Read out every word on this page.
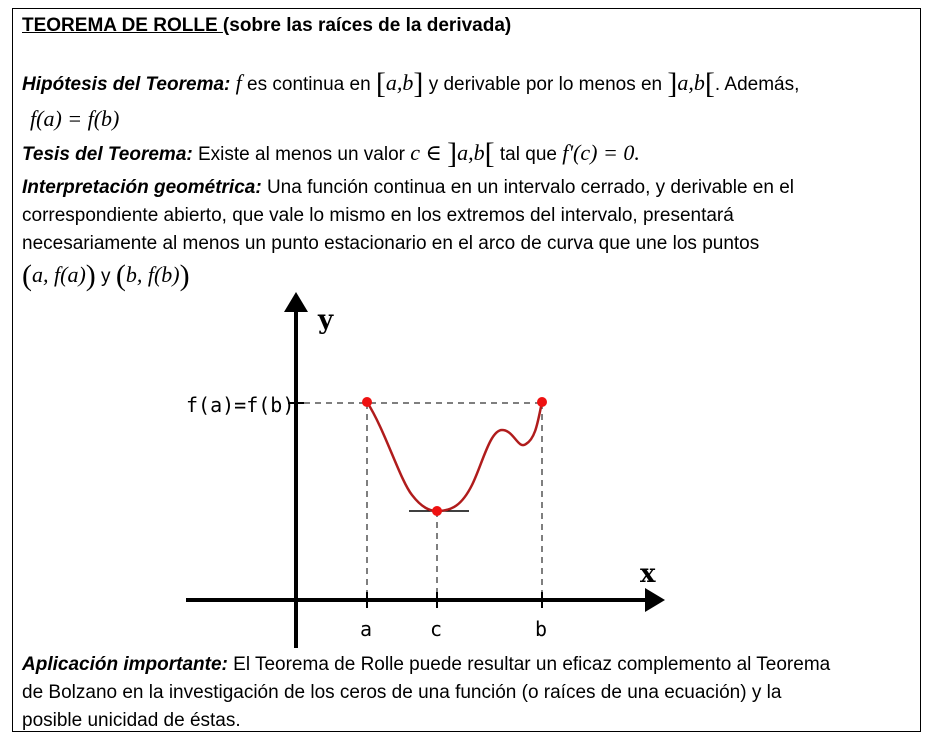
TEOREMA DE ROLLE (sobre las raíces de la derivada)
Hipótesis del Teorema: f es continua en [a,b] y derivable por lo menos en ]a,b[. Además,
f(a) = f(b)
Tesis del Teorema: Existe al menos un valor c ∈ ]a,b[ tal que f'(c) = 0.
Interpretación geométrica: Una función continua en un intervalo cerrado, y derivable en el
correspondiente abierto, que vale lo mismo en los extremos del intervalo, presentará
necesariamente al menos un punto estacionario en el arco de curva que une los puntos
(a, f(a)) y (b, f(b))
y
x
f(a)=f(b)
a	c	b
Aplicación importante: El Teorema de Rolle puede resultar un eficaz complemento al Teorema
de Bolzano en la investigación de los ceros de una función (o raíces de una ecuación) y la
posible unicidad de éstas.
